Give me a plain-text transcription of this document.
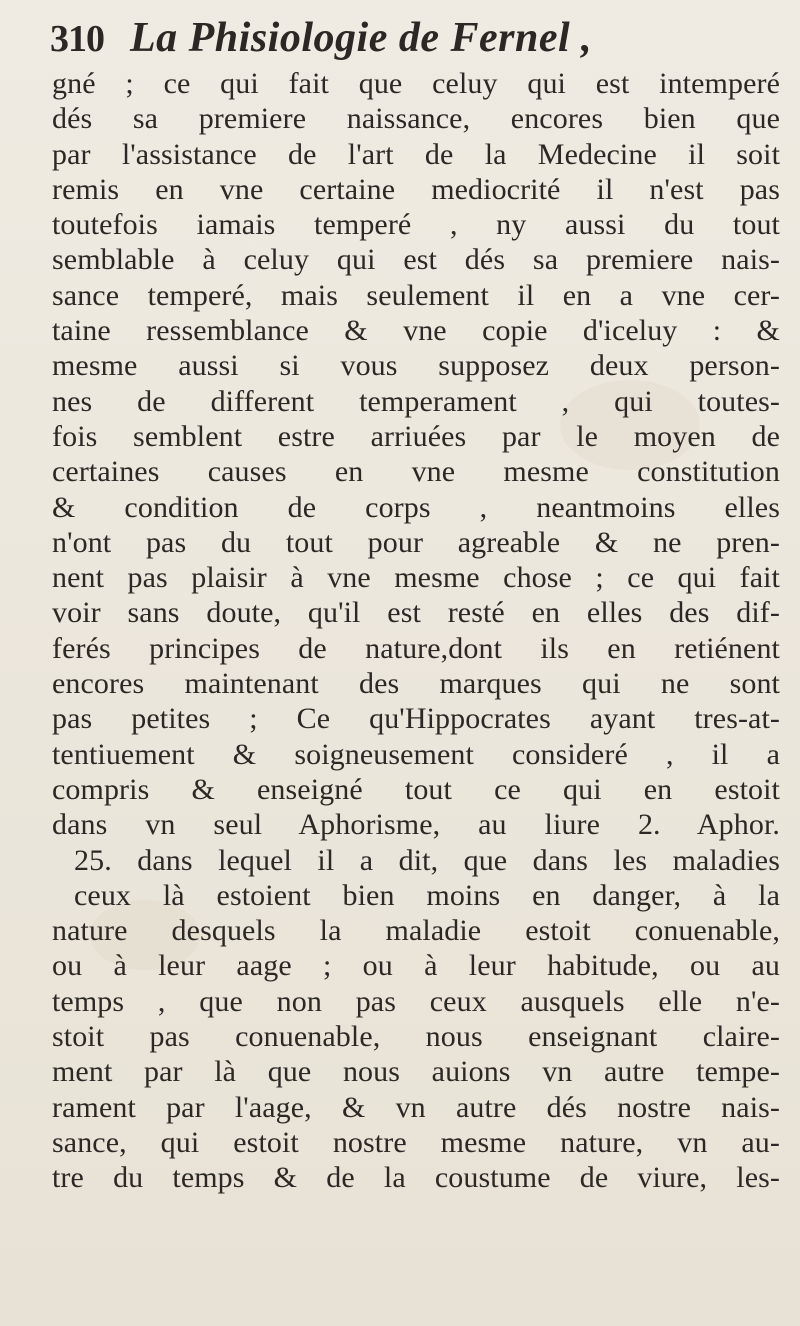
310 La Phisiologie de Fernel ,
gné ; ce qui fait que celuy qui est intemperé
dés sa premiere naissance, encores bien que
par l'assistance de l'art de la Medecine il soit
remis en vne certaine mediocrité il n'est pas
toutefois iamais temperé , ny aussi du tout
semblable à celuy qui est dés sa premiere nais-
sance temperé, mais seulement il en a vne cer-
taine ressemblance & vne copie d'iceluy : &
mesme aussi si vous supposez deux person-
nes de different temperament , qui toutes-
fois semblent estre arriuées par le moyen de
certaines causes en vne mesme constitution
& condition de corps , neantmoins elles
n'ont pas du tout pour agreable & ne pren-
nent pas plaisir à vne mesme chose ; ce qui fait
voir sans doute, qu'il est resté en elles des dif-
ferés principes de nature,dont ils en retiénent
encores maintenant des marques qui ne sont
pas petites ; Ce qu'Hippocrates ayant tres-at-
tentiuement & soigneusement consideré , il a
compris & enseigné tout ce qui en estoit
dans vn seul Aphorisme, au liure 2. Aphor.
25. dans lequel il a dit, que dans les maladies
ceux là estoient bien moins en danger, à la
nature desquels la maladie estoit conuenable,
ou à leur aage ; ou à leur habitude, ou au
temps , que non pas ceux ausquels elle n'e-
stoit pas conuenable, nous enseignant claire-
ment par là que nous auions vn autre tempe-
rament par l'aage, & vn autre dés nostre nais-
sance, qui estoit nostre mesme nature, vn au-
tre du temps & de la coustume de viure, les-
